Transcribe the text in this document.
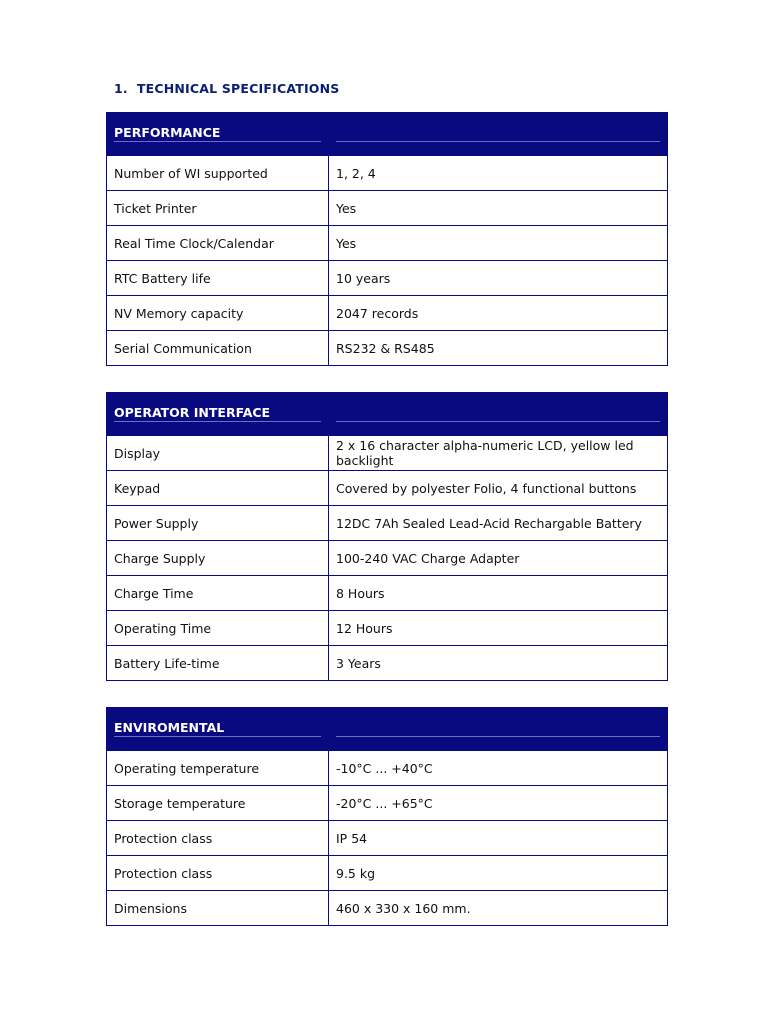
1. TECHNICAL SPECIFICATIONS
PERFORMANCE

Number of WI supported	1, 2, 4
Ticket Printer	Yes
Real Time Clock/Calendar	Yes
RTC Battery life	10 years
NV Memory capacity	2047 records
Serial Communication	RS232 & RS485
OPERATOR INTERFACE

Display	2 x 16 character alpha-numeric LCD, yellow led backlight
Keypad	Covered by polyester Folio, 4 functional buttons
Power Supply	12DC 7Ah Sealed Lead-Acid Rechargable Battery
Charge Supply	100-240 VAC Charge Adapter
Charge Time	8 Hours
Operating Time	12 Hours
Battery Life-time	3 Years
ENVIROMENTAL

Operating temperature	-10°C ... +40°C
Storage temperature	-20°C ... +65°C
Protection class	IP 54
Protection class	9.5 kg
Dimensions	460 x 330 x 160 mm.
